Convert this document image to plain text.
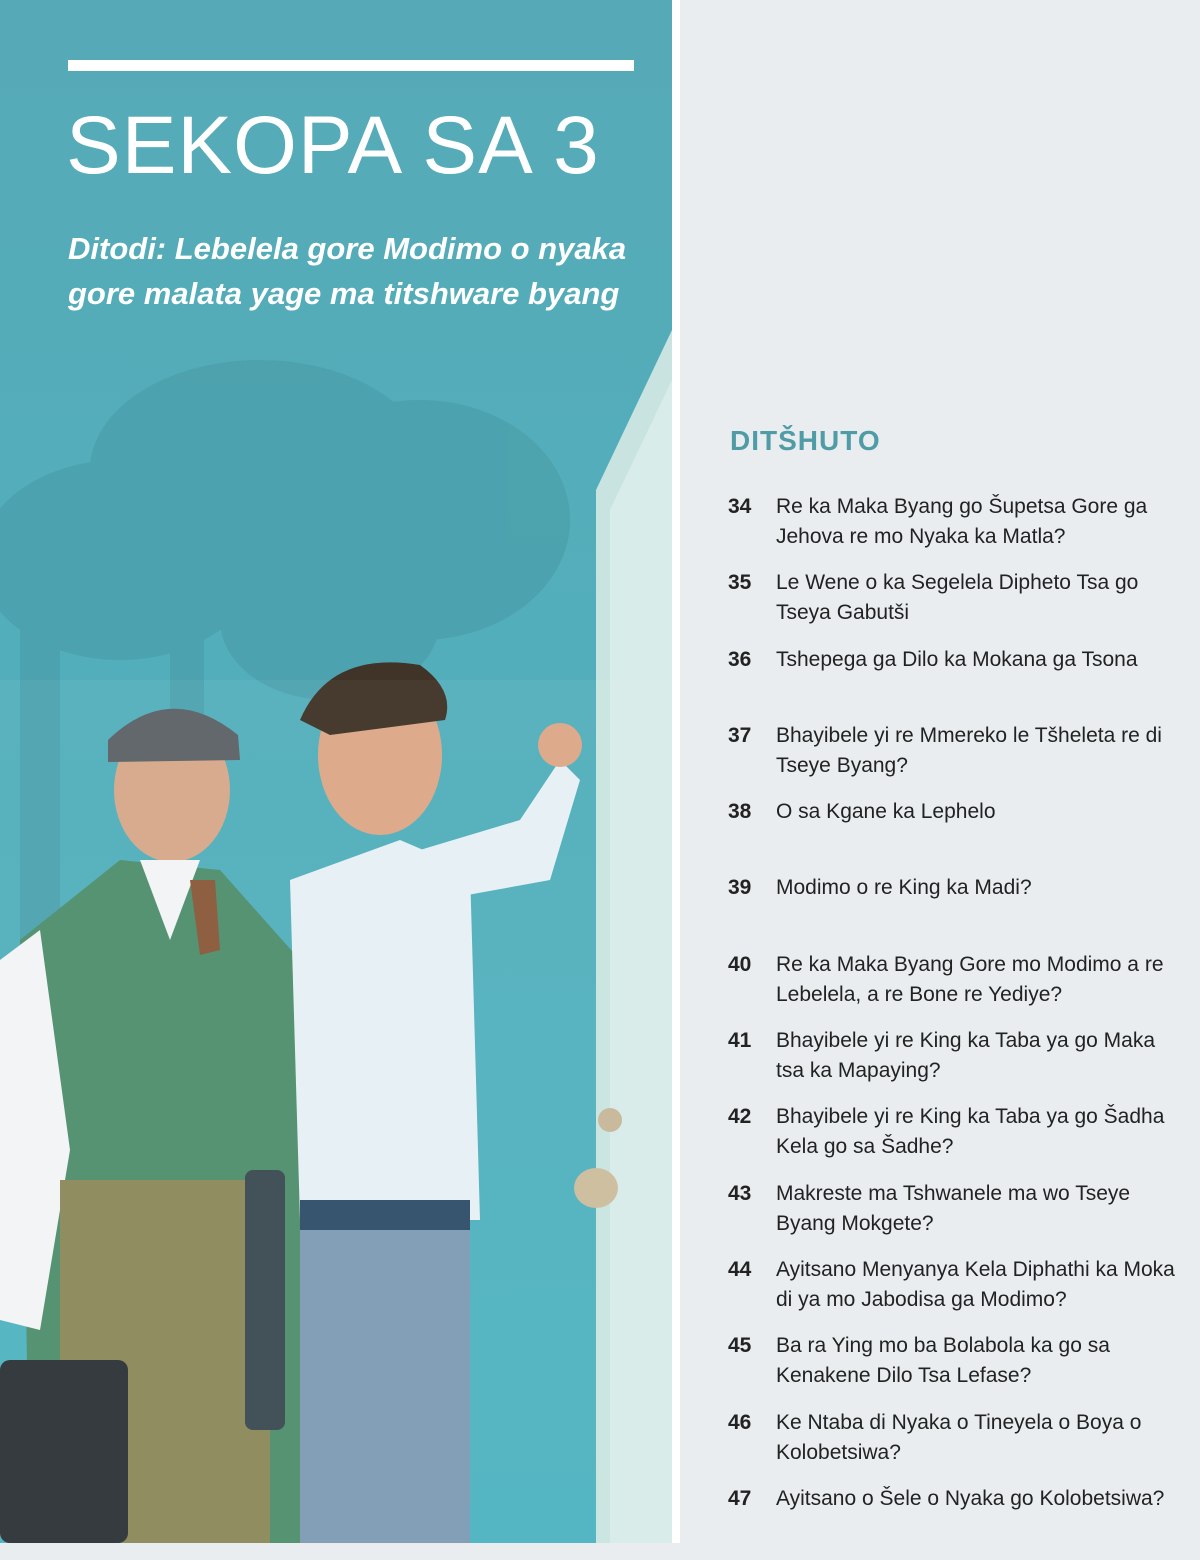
SEKOPA SA 3

Ditodi: Lebelela gore Modimo o nyaka gore malata yage ma titshware byang

DITŠHUTO
34	Re ka Maka Byang go Šupetsa Gore ga Jehova re mo Nyaka ka Matla?
35	Le Wene o ka Segelela Dipheto Tsa go Tseya Gabutši
36	Tshepega ga Dilo ka Mokana ga Tsona
37	Bhayibele yi re Mmereko le Tšheleta re di Tseye Byang?
38	O sa Kgane ka Lephelo
39	Modimo o re King ka Madi?
40	Re ka Maka Byang Gore mo Modimo a re Lebelela, a re Bone re Yediye?
41	Bhayibele yi re King ka Taba ya go Maka tsa ka Mapaying?
42	Bhayibele yi re King ka Taba ya go Šadha Kela go sa Šadhe?
43	Makreste ma Tshwanele ma wo Tseye Byang Mokgete?
44	Ayitsano Menyanya Kela Diphathi ka Moka di ya mo Jabodisa ga Modimo?
45	Ba ra Ying mo ba Bolabola ka go sa Kenakene Dilo Tsa Lefase?
46	Ke Ntaba di Nyaka o Tineyela o Boya o Kolobetsiwa?
47	Ayitsano o Šele o Nyaka go Kolobetsiwa?
